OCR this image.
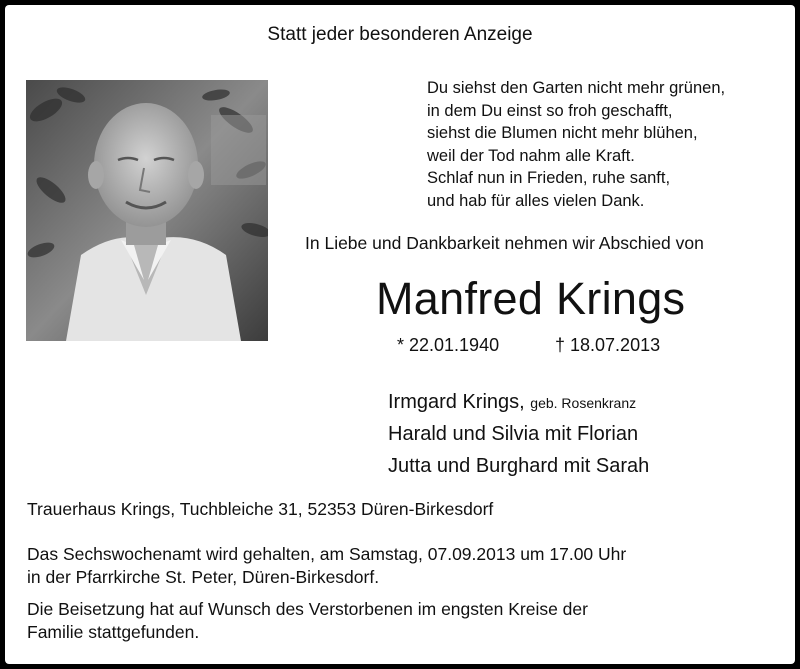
Statt jeder besonderen Anzeige
Du siehst den Garten nicht mehr grünen,
in dem Du einst so froh geschafft,
siehst die Blumen nicht mehr blühen,
weil der Tod nahm alle Kraft.
Schlaf nun in Frieden, ruhe sanft,
und hab für alles vielen Dank.
In Liebe und Dankbarkeit nehmen wir Abschied von
Manfred Krings
* 22.01.1940	† 18.07.2013
Irmgard Krings, geb. Rosenkranz
Harald und Silvia mit Florian
Jutta und Burghard mit Sarah
Trauerhaus Krings, Tuchbleiche 31, 52353 Düren-Birkesdorf
Das Sechswochenamt wird gehalten, am Samstag, 07.09.2013 um 17.00 Uhr
in der Pfarrkirche St. Peter, Düren-Birkesdorf.
Die Beisetzung hat auf Wunsch des Verstorbenen im engsten Kreise der
Familie stattgefunden.
